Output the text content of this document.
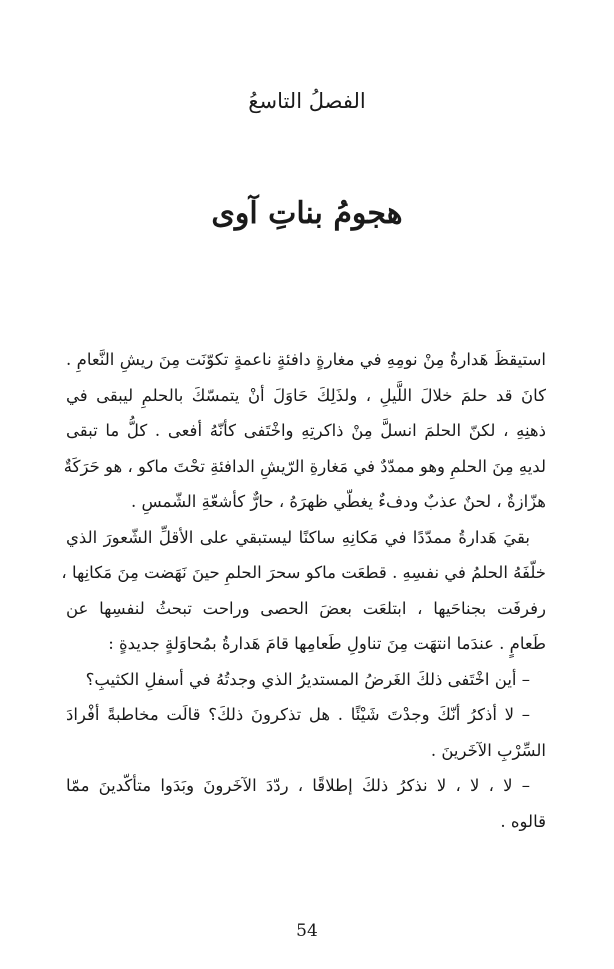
الفصلُ التاسعُ
هجومُ بناتِ آوى
استيقظَ هَدارةُ مِنْ نومِهِ في مغارةٍ دافئةٍ ناعمةٍ تكوّنَت مِنَ ريشِ النَّعامِ .
كانَ قد حلمَ خلالَ اللَّيلِ ، ولذَلِكَ حَاوَلَ أنْ يتمسّكَ بالحلمِ ليبقى في
ذهنِهِ ، لكنّ الحلمَ انسلَّ مِنْ ذاكرتِهِ واخْتَفى كأنّهُ أفعى . كلُّ ما تبقى
لديهِ مِنَ الحلمِ وهو ممدّدٌ في مَغارةِ الرّيشِ الدافئةِ تحْتَ ماكو ، هو حَرَكَةٌ
هزّازةٌ ، لحنٌ عذبٌ ودفءٌ يغطّي ظهرَهُ ، حارٌّ كأشعّةِ الشّمسِ .
بقيَ هَدارةُ ممدّدًا في مَكانِهِ ساكنًا ليستبقي على الأقلِّ الشّعورَ الذي
خلّفَهُ الحلمُ في نفسِهِ . قطعَت ماكو سحرَ الحلمِ حينَ نَهَضت مِنَ مَكانِها ،
رفرفَت بجناحَيها ، ابتلعَت بعضَ الحصى وراحت تبحثُ لنفسِها عن
طَعامٍ . عندَما انتهَت مِنَ تناولِ طَعامِها قامَ هَدارةُ بمُحاوَلةٍ جديدةٍ :
– أين اخْتَفى ذلكَ الغَرضُ المستديرُ الذي وجدتُهُ في أسفلِ الكثيبِ؟
– لا أذكرُ أنّكَ وجدْتَ شَيْئًا . هل تذكرونَ ذلكَ؟ قالَت مخاطبةً أفْرادَ
السِّرْبِ الآخَرينَ .
– لا ، لا ، لا نذكرُ ذلكَ إطلاقًا ، ردّدَ الآخَرونَ وبَدَوا متأكّدينَ ممّا
قالوه .
54
